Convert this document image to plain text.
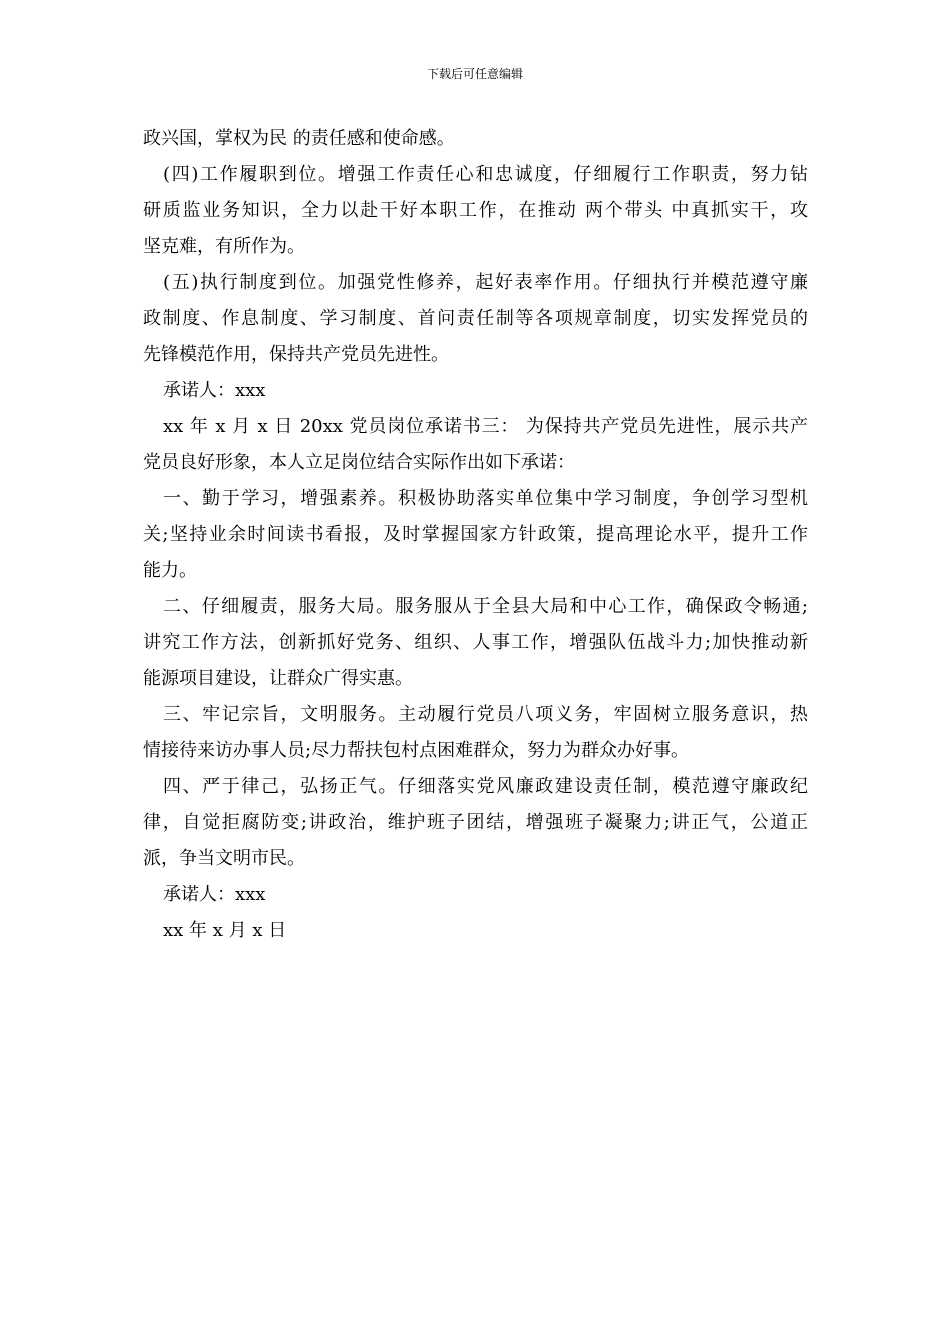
下载后可任意编辑
政兴国，掌权为民 的责任感和使命感。
(四)工作履职到位。增强工作责任心和忠诚度，仔细履行工作职责，努力钻
研质监业务知识，全力以赴干好本职工作，在推动 两个带头 中真抓实干，攻
坚克难，有所作为。
(五)执行制度到位。加强党性修养，起好表率作用。仔细执行并模范遵守廉
政制度、作息制度、学习制度、首问责任制等各项规章制度，切实发挥党员的
先锋模范作用，保持共产党员先进性。
承诺人：xxx
xx 年 x 月 x 日 20xx 党员岗位承诺书三： 为保持共产党员先进性，展示共产
党员良好形象，本人立足岗位结合实际作出如下承诺：
一、勤于学习，增强素养。积极协助落实单位集中学习制度，争创学习型机
关;坚持业余时间读书看报，及时掌握国家方针政策，提高理论水平，提升工作
能力。
二、仔细履责，服务大局。服务服从于全县大局和中心工作，确保政令畅通;
讲究工作方法，创新抓好党务、组织、人事工作，增强队伍战斗力;加快推动新
能源项目建设，让群众广得实惠。
三、牢记宗旨，文明服务。主动履行党员八项义务，牢固树立服务意识，热
情接待来访办事人员;尽力帮扶包村点困难群众，努力为群众办好事。
四、严于律己，弘扬正气。仔细落实党风廉政建设责任制，模范遵守廉政纪
律，自觉拒腐防变;讲政治，维护班子团结，增强班子凝聚力;讲正气，公道正
派，争当文明市民。
承诺人：xxx
xx 年 x 月 x 日
